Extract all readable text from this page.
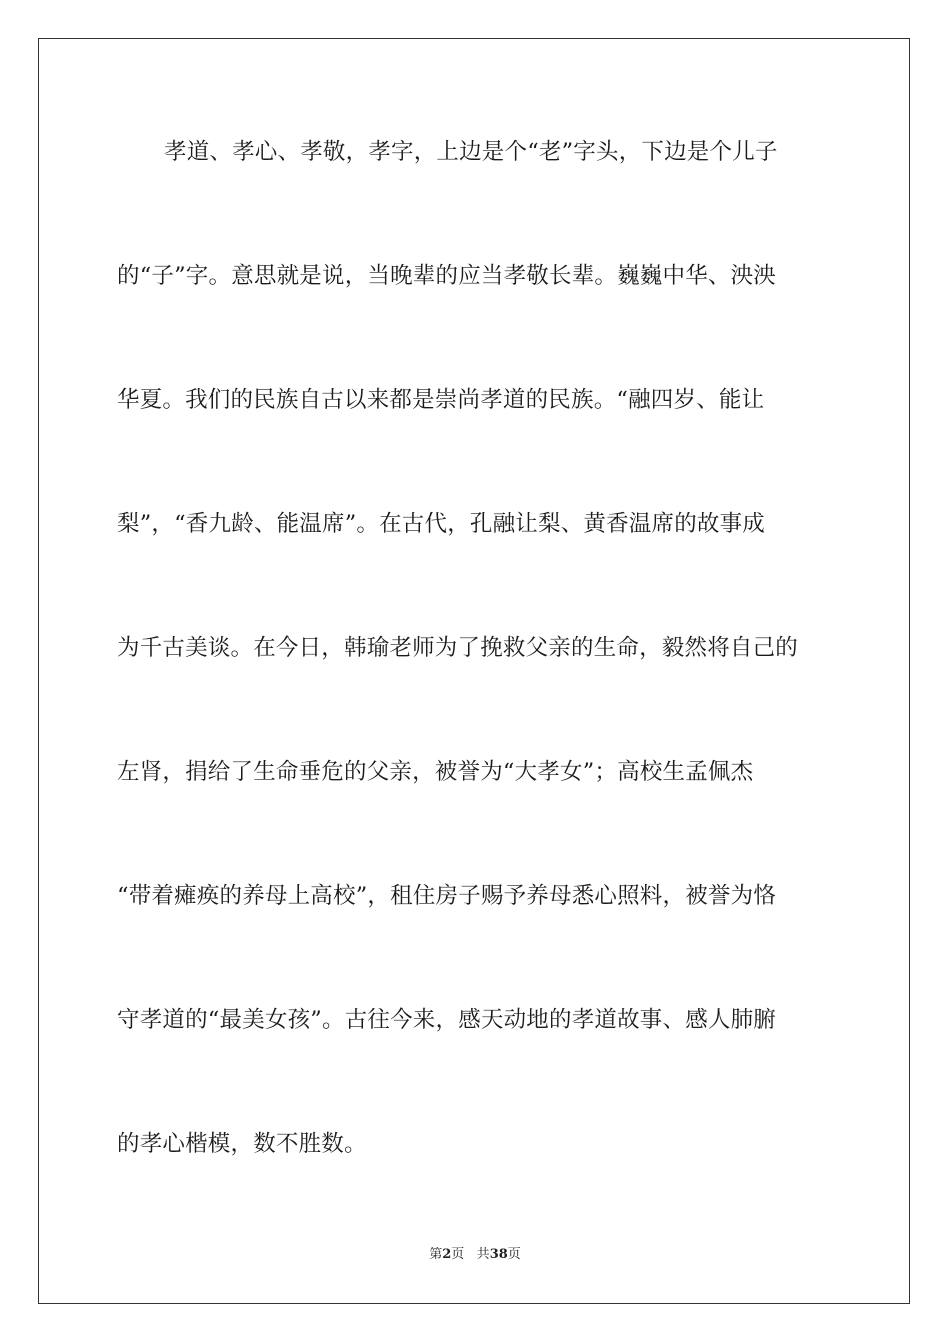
孝道、孝心、孝敬，孝字，上边是个“老”字头，下边是个儿子
的“子”字。意思就是说，当晚辈的应当孝敬长辈。巍巍中华、泱泱
华夏。我们的民族自古以来都是崇尚孝道的民族。“融四岁、能让
梨”，“香九龄、能温席”。在古代，孔融让梨、黄香温席的故事成
为千古美谈。在今日，韩瑜老师为了挽救父亲的生命，毅然将自己的
左肾，捐给了生命垂危的父亲，被誉为“大孝女”；高校生孟佩杰
“带着瘫痪的养母上高校”，租住房子赐予养母悉心照料，被誉为恪
守孝道的“最美女孩”。古往今来，感天动地的孝道故事、感人肺腑
的孝心楷模，数不胜数。
第2页 共38页
